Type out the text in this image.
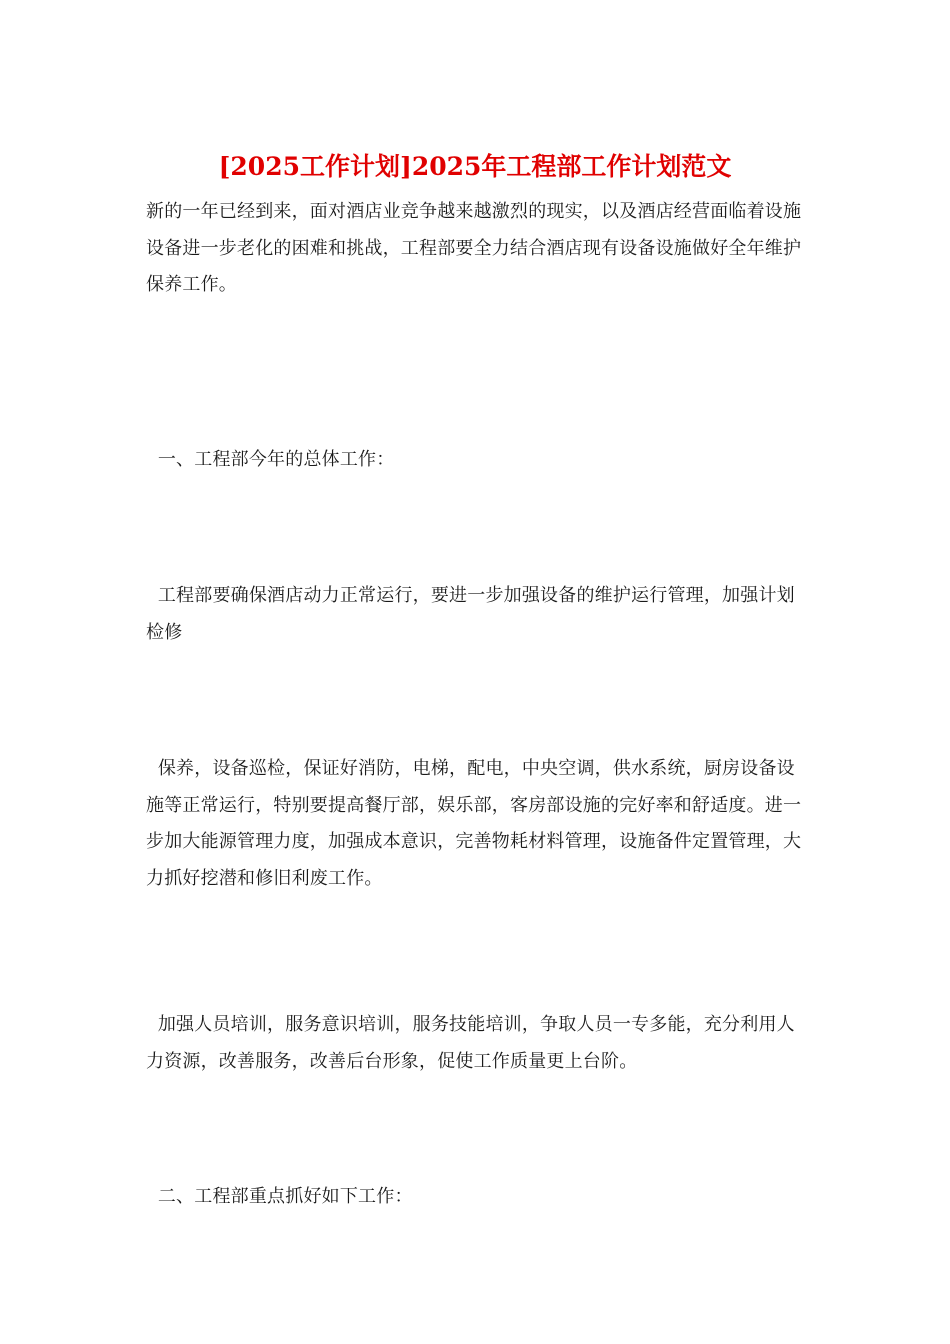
[2025工作计划]2025年工程部工作计划范文
新的一年已经到来，面对酒店业竞争越来越激烈的现实，以及酒店经营面临着设施设备进一步老化的困难和挑战，工程部要全力结合酒店现有设备设施做好全年维护保养工作。
一、工程部今年的总体工作：
工程部要确保酒店动力正常运行，要进一步加强设备的维护运行管理，加强计划检修
保养，设备巡检，保证好消防，电梯，配电，中央空调，供水系统，厨房设备设施等正常运行，特别要提高餐厅部，娱乐部，客房部设施的完好率和舒适度。进一步加大能源管理力度，加强成本意识，完善物耗材料管理，设施备件定置管理，大力抓好挖潜和修旧利废工作。
加强人员培训，服务意识培训，服务技能培训，争取人员一专多能，充分利用人力资源，改善服务，改善后台形象，促使工作质量更上台阶。
二、工程部重点抓好如下工作：
